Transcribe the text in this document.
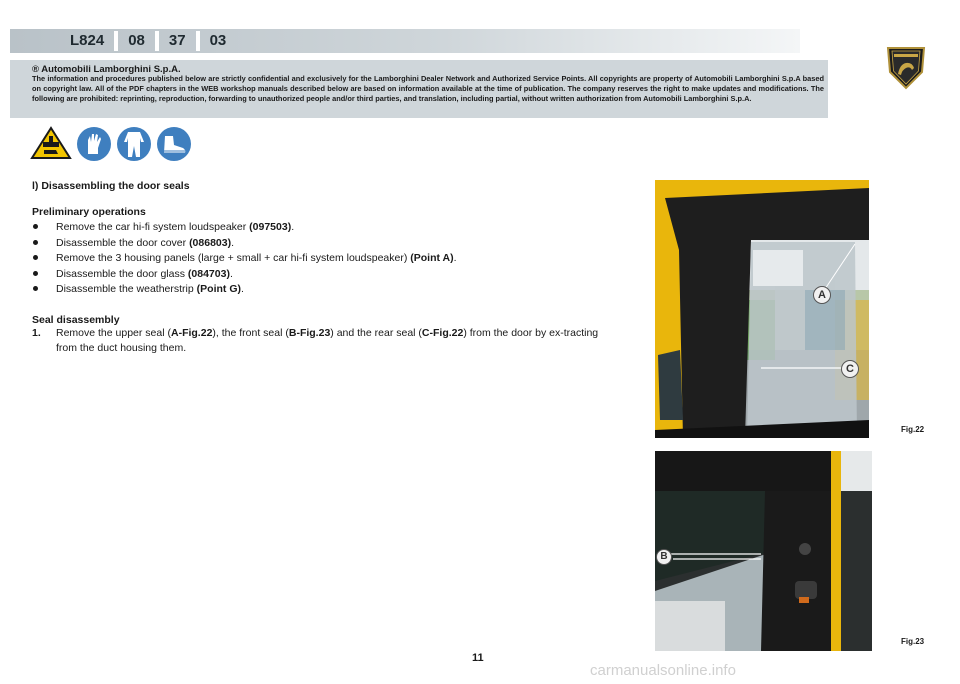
L824	08	37	03
® Automobili Lamborghini S.p.A.
The information and procedures published below are strictly confidential and exclusively for the Lamborghini Dealer Network and Authorized Service Points. All copyrights are property of Automobili Lamborghini S.p.A based on copyright law. All of the PDF chapters in the WEB workshop manuals described below are based on information available at the time of publication. The company reserves the right to make updates and modifications. The following are prohibited: reprinting, reproduction, forwarding to unauthorized people and/or third parties, and translation, including partial, without written authorization from Automobili Lamborghini S.p.A.
l) Disassembling the door seals
Preliminary operations
Remove the car hi-fi system loudspeaker (097503).
Disassemble the door cover (086803).
Remove the 3 housing panels (large + small + car hi-fi system loudspeaker) (Point A).
Disassemble the door glass (084703).
Disassemble the weatherstrip (Point G).
Seal disassembly
1. Remove the upper seal (A-Fig.22), the front seal (B-Fig.23) and the rear seal (C-Fig.22) from the door by ex-tracting from the duct housing them.
A
C
Fig.22
B
Fig.23
11
carmanualsonline.info
